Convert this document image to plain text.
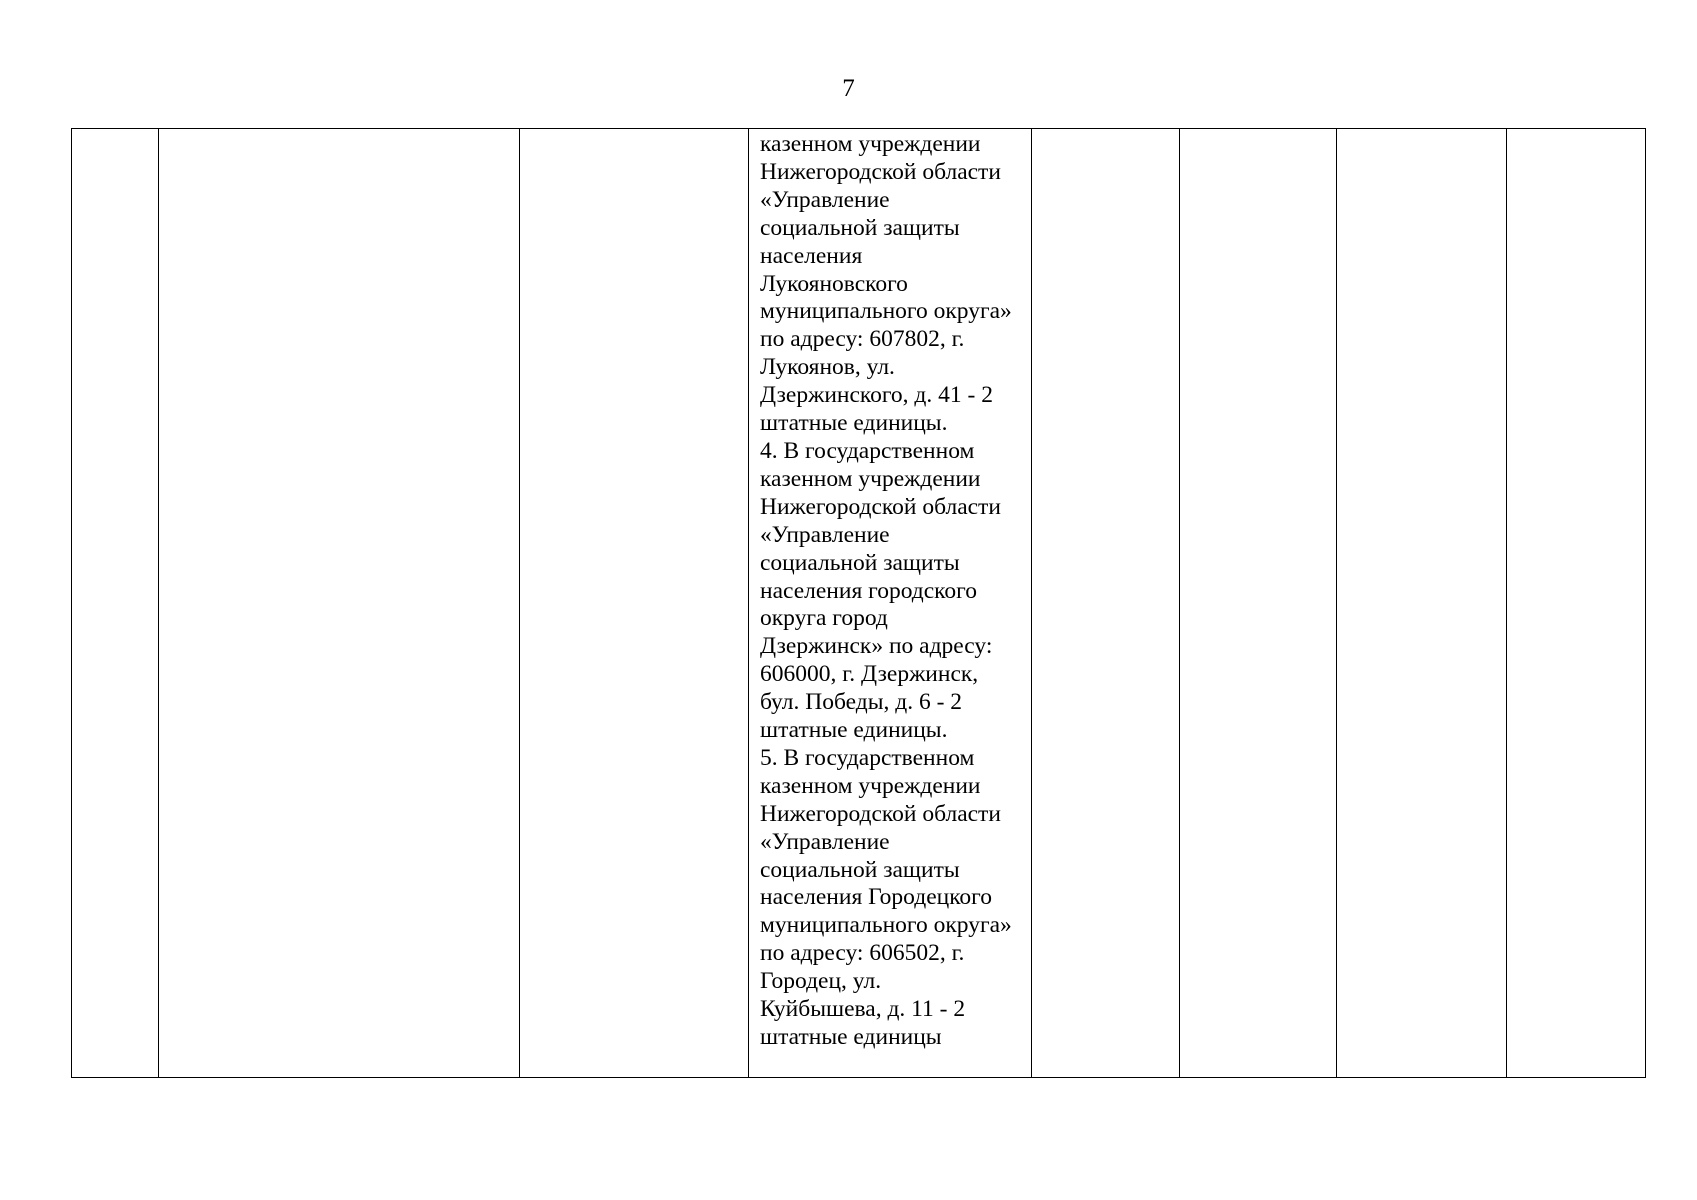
7

казенном учреждении
Нижегородской области
«Управление
социальной защиты
населения
Лукояновского
муниципального округа»
по адресу: 607802, г.
Лукоянов, ул.
Дзержинского, д. 41 - 2
штатные единицы.
4. В государственном
казенном учреждении
Нижегородской области
«Управление
социальной защиты
населения городского
округа город
Дзержинск» по адресу:
606000, г. Дзержинск,
бул. Победы, д. 6 - 2
штатные единицы.
5. В государственном
казенном учреждении
Нижегородской области
«Управление
социальной защиты
населения Городецкого
муниципального округа»
по адресу: 606502, г.
Городец, ул.
Куйбышева, д. 11 - 2
штатные единицы
